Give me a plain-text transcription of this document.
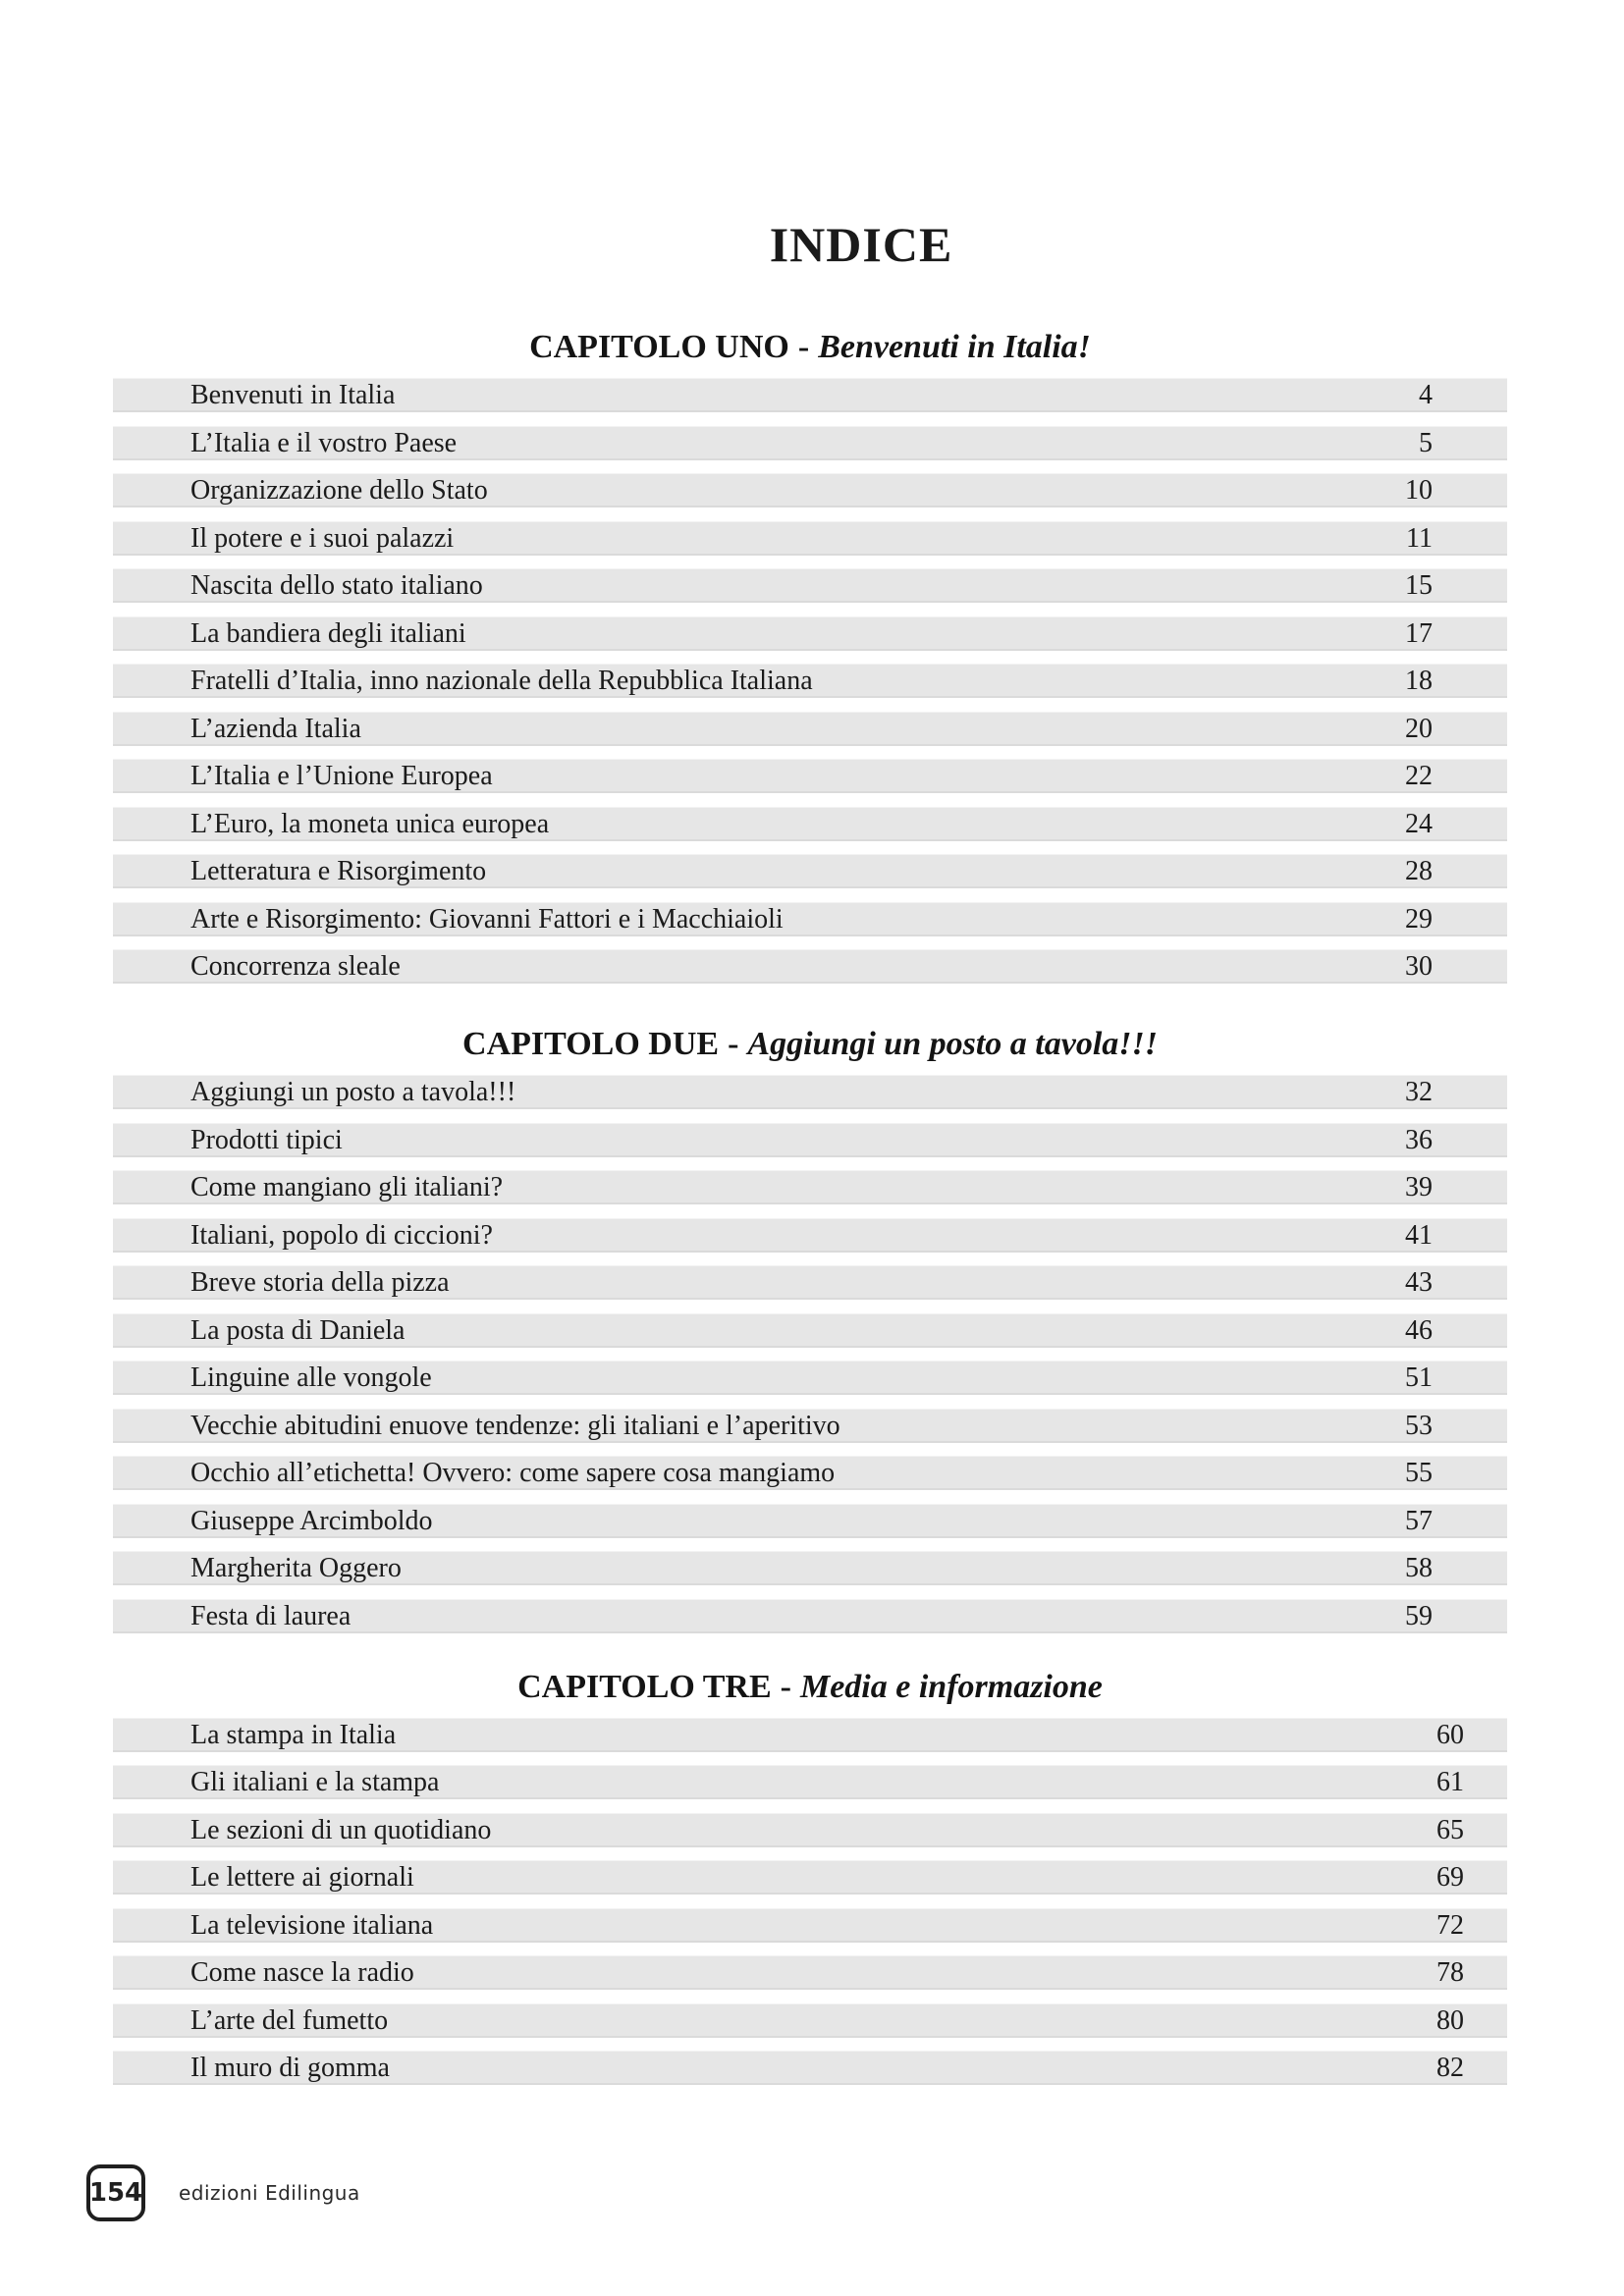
INDICE
CAPITOLO UNO - Benvenuti in Italia!
Benvenuti in Italia	4
L’Italia e il vostro Paese	5
Organizzazione dello Stato	10
Il potere e i suoi palazzi	11
Nascita dello stato italiano	15
La bandiera degli italiani	17
Fratelli d’Italia, inno nazionale della Repubblica Italiana	18
L’azienda Italia	20
L’Italia e l’Unione Europea	22
L’Euro, la moneta unica europea	24
Letteratura e Risorgimento	28
Arte e Risorgimento: Giovanni Fattori e i Macchiaioli	29
Concorrenza sleale	30
CAPITOLO DUE - Aggiungi un posto a tavola!!!
Aggiungi un posto a tavola!!!	32
Prodotti tipici	36
Come mangiano gli italiani?	39
Italiani, popolo di ciccioni?	41
Breve storia della pizza	43
La posta di Daniela	46
Linguine alle vongole	51
Vecchie abitudini enuove tendenze: gli italiani e l’aperitivo	53
Occhio all’etichetta! Ovvero: come sapere cosa mangiamo	55
Giuseppe Arcimboldo	57
Margherita Oggero	58
Festa di laurea	59
CAPITOLO TRE - Media e informazione
La stampa in Italia	60
Gli italiani e la stampa	61
Le sezioni di un quotidiano	65
Le lettere ai giornali	69
La televisione italiana	72
Come nasce la radio	78
L’arte del fumetto	80
Il muro di gomma	82
154 edizioni Edilingua
